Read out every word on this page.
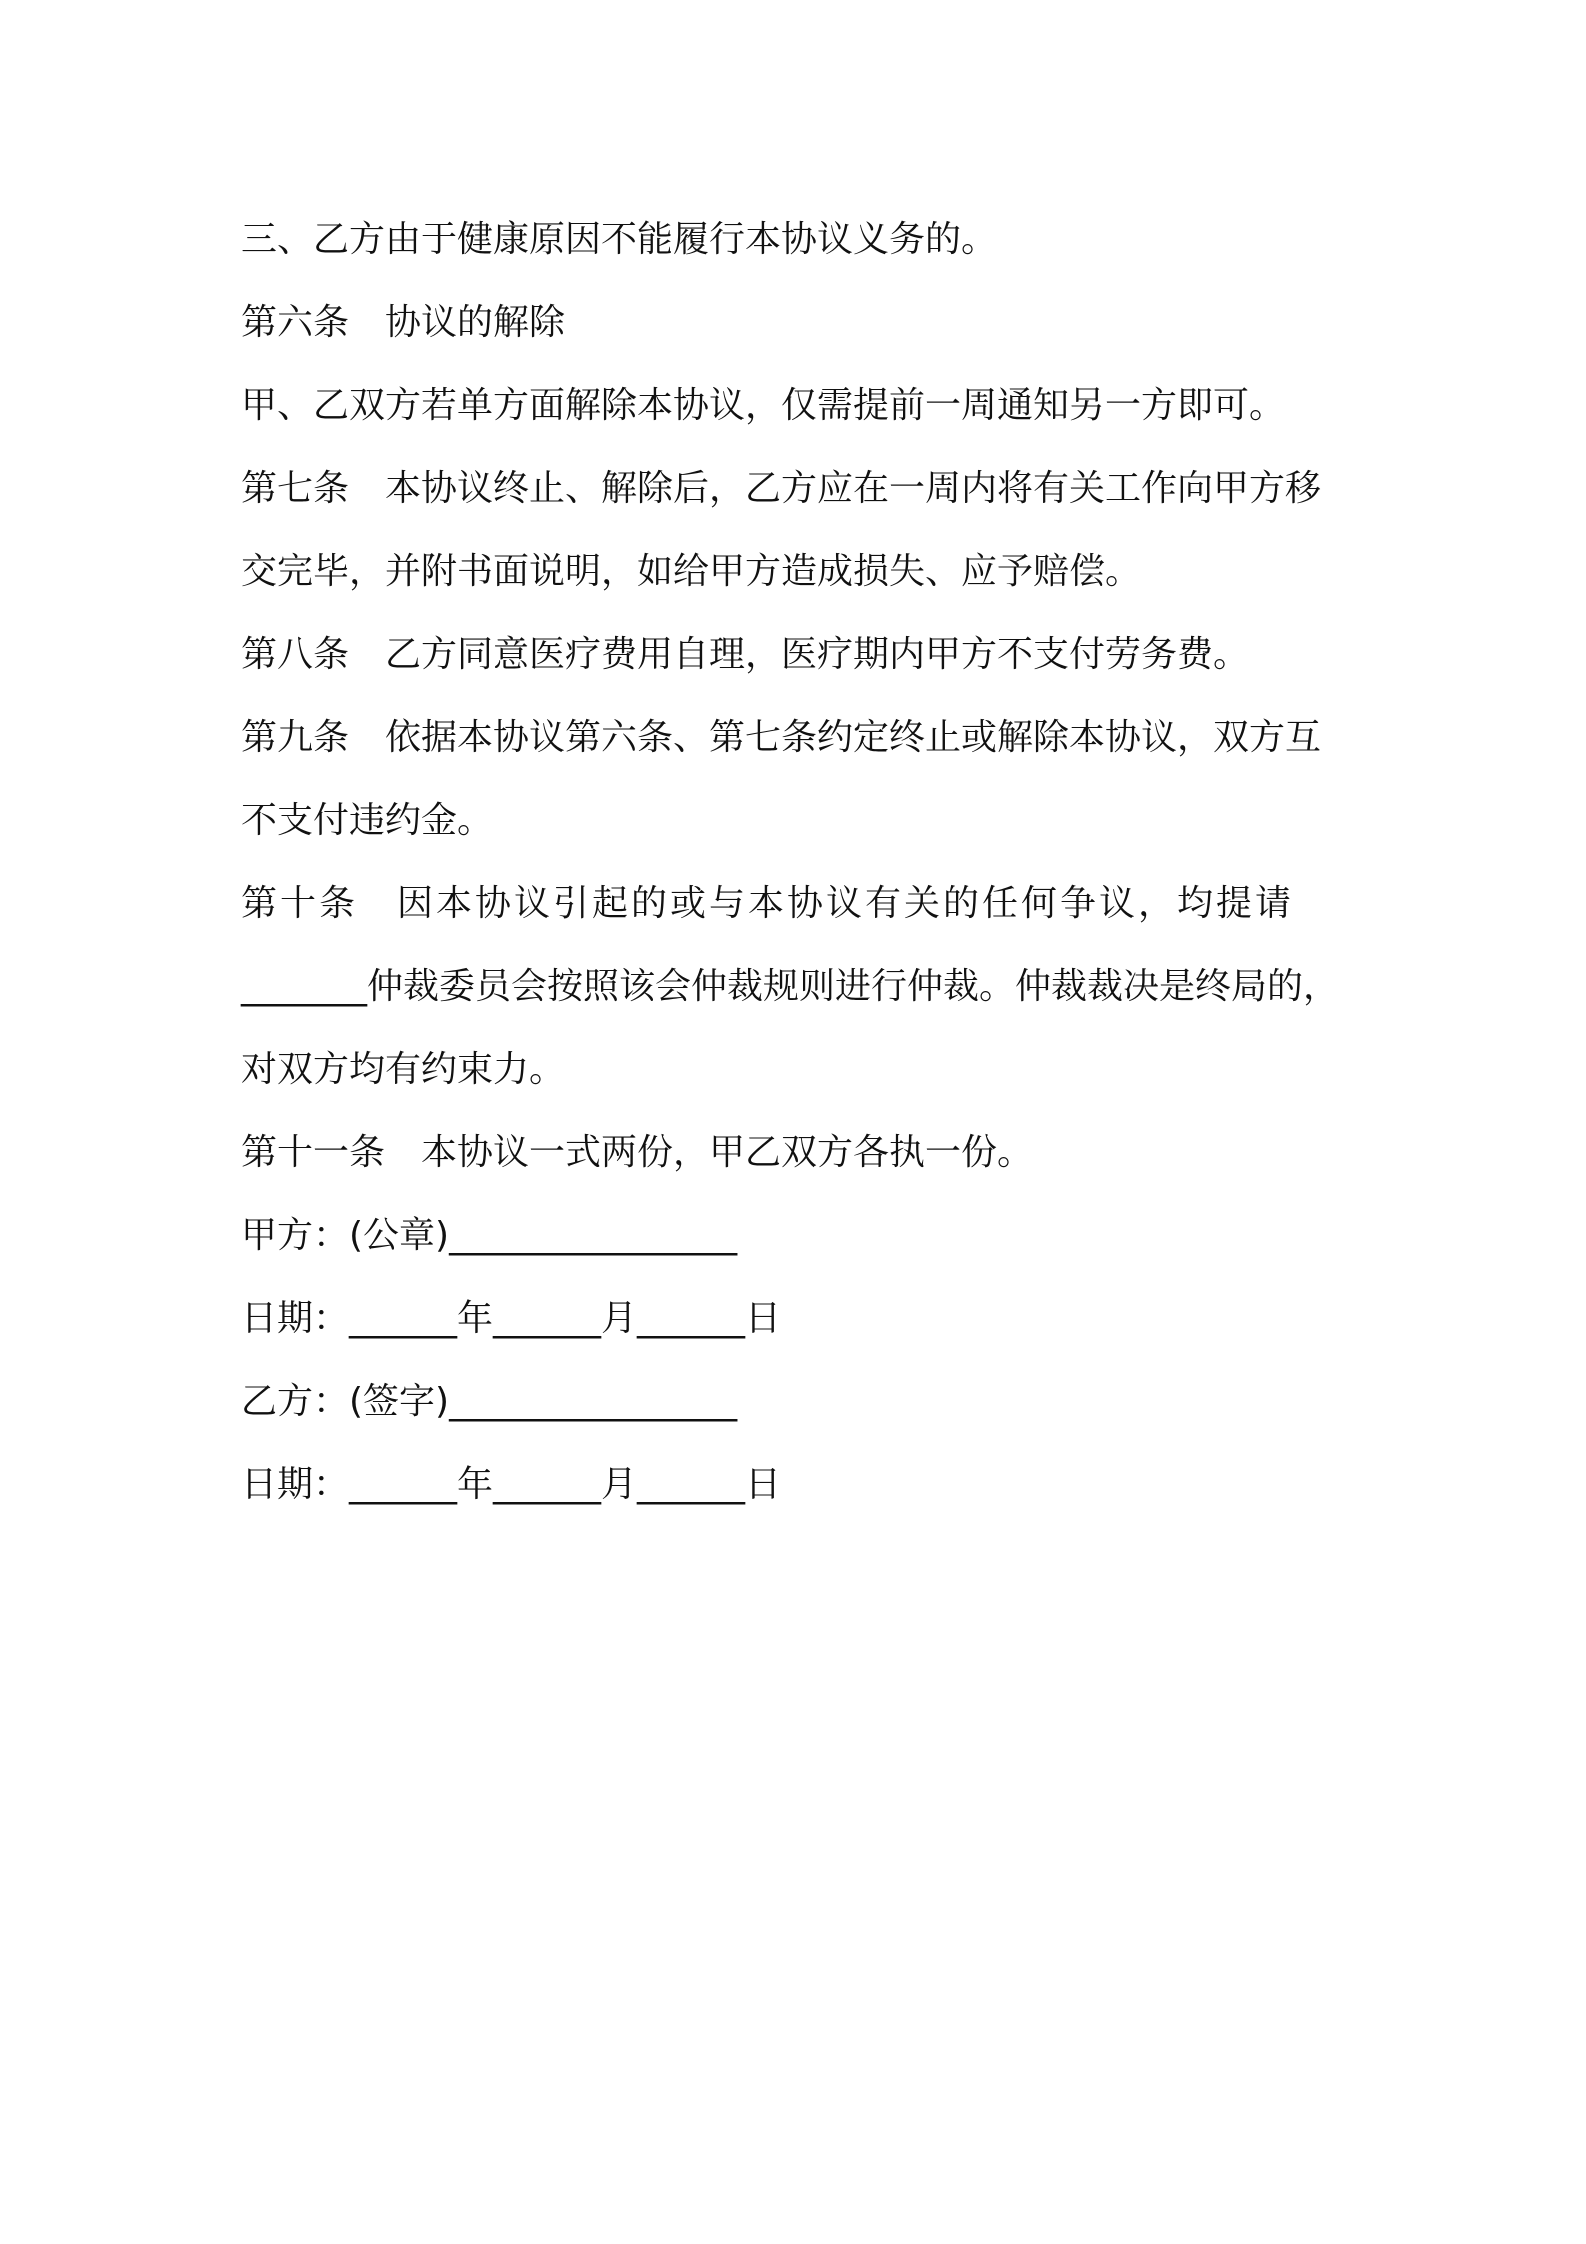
三、乙方由于健康原因不能履行本协议义务的。
第六条　协议的解除
甲、乙双方若单方面解除本协议，仅需提前一周通知另一方即可。
第七条　本协议终止、解除后，乙方应在一周内将有关工作向甲方移
交完毕，并附书面说明，如给甲方造成损失、应予赔偿。
第八条　乙方同意医疗费用自理，医疗期内甲方不支付劳务费。
第九条　依据本协议第六条、第七条约定终止或解除本协议，双方互
不支付违约金。
第十条　因本协议引起的或与本协议有关的任何争议，均提请
_______仲裁委员会按照该会仲裁规则进行仲裁。仲裁裁决是终局的，
对双方均有约束力。
第十一条　本协议一式两份，甲乙双方各执一份。
甲方：(公章)________________
日期：______年______月______日
乙方：(签字)________________
日期：______年______月______日
